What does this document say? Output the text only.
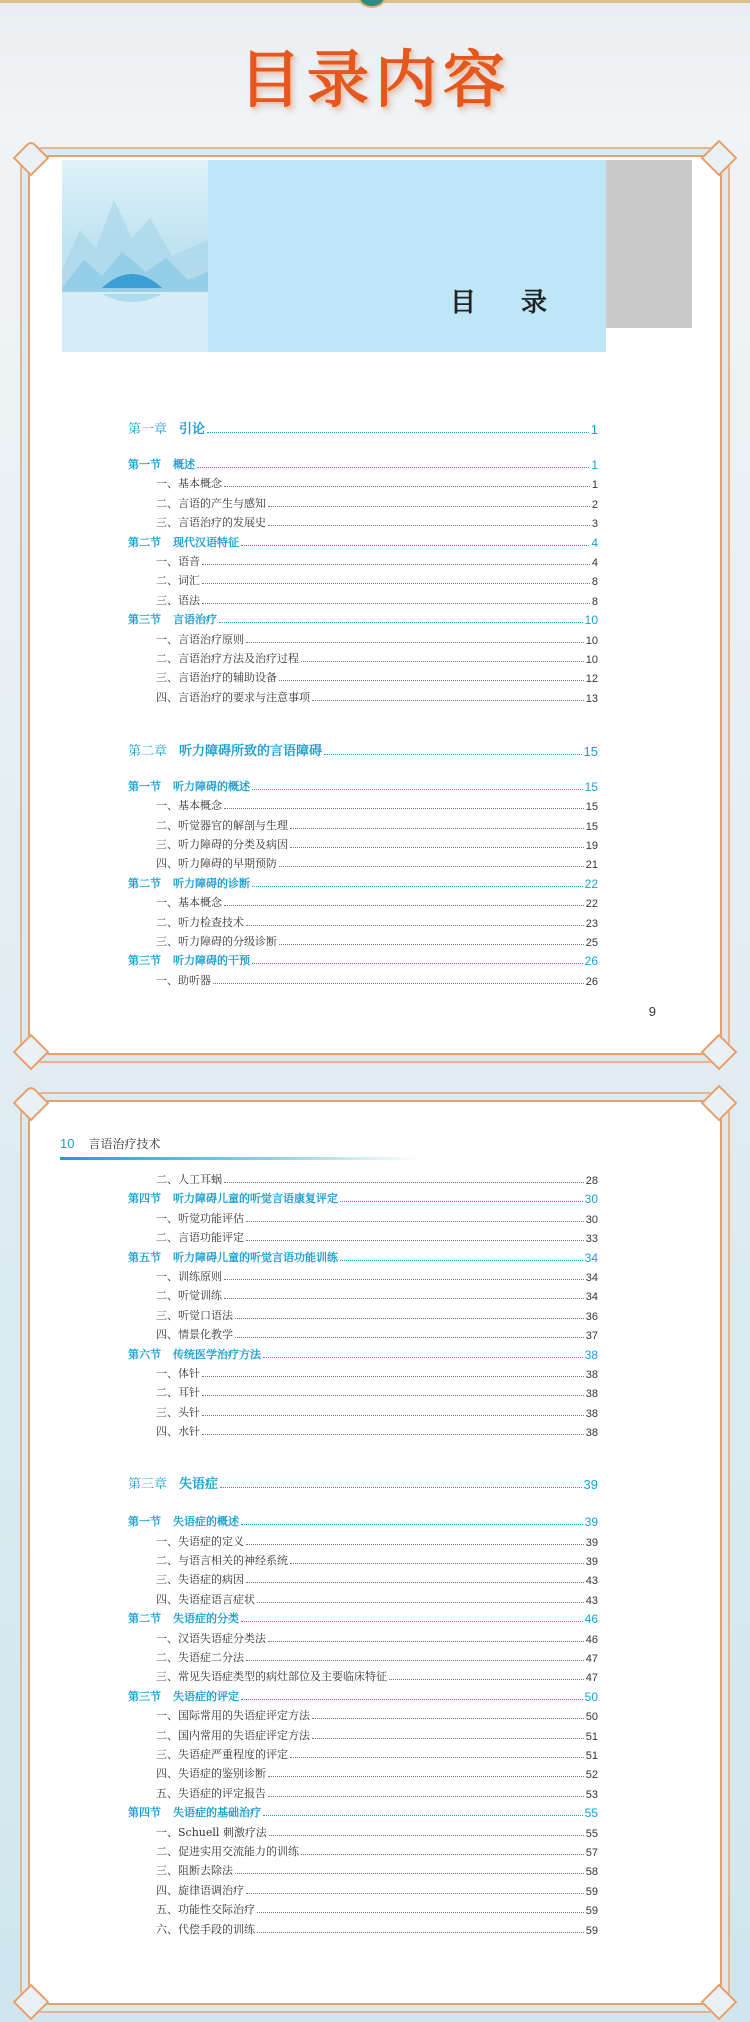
目录内容
目 录
第一章 引论	1
第一节 概述	1
一、基本概念	1
二、言语的产生与感知	2
三、言语治疗的发展史	3
第二节 现代汉语特征	4
一、语音	4
二、词汇	8
三、语法	8
第三节 言语治疗	10
一、言语治疗原则	10
二、言语治疗方法及治疗过程	10
三、言语治疗的辅助设备	12
四、言语治疗的要求与注意事项	13
第二章 听力障碍所致的言语障碍	15
第一节 听力障碍的概述	15
一、基本概念	15
二、听觉器官的解剖与生理	15
三、听力障碍的分类及病因	19
四、听力障碍的早期预防	21
第二节 听力障碍的诊断	22
一、基本概念	22
二、听力检查技术	23
三、听力障碍的分级诊断	25
第三节 听力障碍的干预	26
一、助听器	26
9
10 言语治疗技术
二、人工耳蜗	28
第四节 听力障碍儿童的听觉言语康复评定	30
一、听觉功能评估	30
二、言语功能评定	33
第五节 听力障碍儿童的听觉言语功能训练	34
一、训练原则	34
二、听觉训练	34
三、听觉口语法	36
四、情景化教学	37
第六节 传统医学治疗方法	38
一、体针	38
二、耳针	38
三、头针	38
四、水针	38
第三章 失语症	39
第一节 失语症的概述	39
一、失语症的定义	39
二、与语言相关的神经系统	39
三、失语症的病因	43
四、失语症语言症状	43
第二节 失语症的分类	46
一、汉语失语症分类法	46
二、失语症二分法	47
三、常见失语症类型的病灶部位及主要临床特征	47
第三节 失语症的评定	50
一、国际常用的失语症评定方法	50
二、国内常用的失语症评定方法	51
三、失语症严重程度的评定	51
四、失语症的鉴别诊断	52
五、失语症的评定报告	53
第四节 失语症的基础治疗	55
一、Schuell 刺激疗法	55
二、促进实用交流能力的训练	57
三、阻断去除法	58
四、旋律语调治疗	59
五、功能性交际治疗	59
六、代偿手段的训练	59
